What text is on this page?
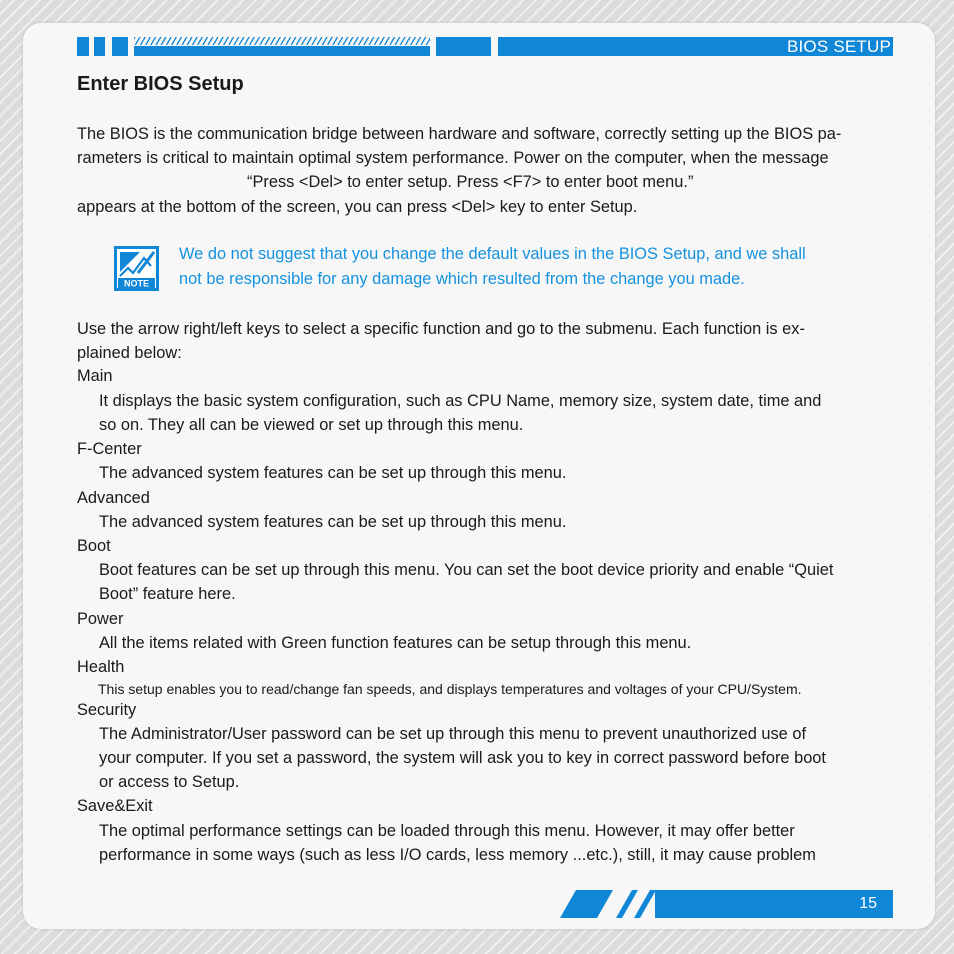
BIOS SETUP
Enter BIOS Setup

The BIOS is the communication bridge between hardware and software, correctly setting up the BIOS pa-

rameters is critical to maintain optimal system performance. Power on the computer, when the message

“Press <Del> to enter setup. Press <F7> to enter boot menu.”

appears at the bottom of the screen, you can press <Del> key to enter Setup.

NOTE

We do not suggest that you change the default values in the BIOS Setup, and we shall

not be responsible for any damage which resulted from the change you made.

Use the arrow right/left keys to select a specific function and go to the submenu. Each function is ex-

plained below:

Main

It displays the basic system configuration, such as CPU Name, memory size, system date, time and

so on. They all can be viewed or set up through this menu.

F-Center

The advanced system features can be set up through this menu.

Advanced

The advanced system features can be set up through this menu.

Boot

Boot features can be set up through this menu. You can set the boot device priority and enable “Quiet

Boot” feature here.

Power

All the items related with Green function features can be setup through this menu.

Health

This setup enables you to read/change fan speeds, and displays temperatures and voltages of your CPU/System.

Security

The Administrator/User password can be set up through this menu to prevent unauthorized use of

your computer. If you set a password, the system will ask you to key in correct password before boot

or access to Setup.

Save&Exit

The optimal performance settings can be loaded through this menu. However, it may offer better

performance in some ways (such as less I/O cards, less memory ...etc.), still, it may cause problem

15
